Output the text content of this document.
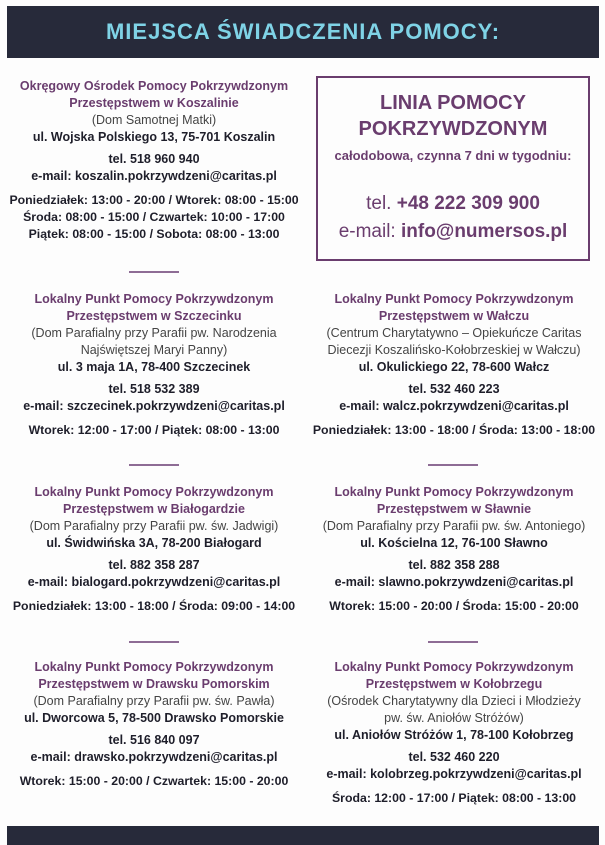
MIEJSCA ŚWIADCZENIA POMOCY:

Okręgowy Ośrodek Pomocy Pokrzywdzonym

Przestępstwem w Koszalinie

(Dom Samotnej Matki)

ul. Wojska Polskiego 13, 75-701 Koszalin

tel. 518 960 940

e-mail: koszalin.pokrzywdzeni@caritas.pl

Poniedziałek: 13:00 - 20:00 / Wtorek: 08:00 - 15:00

Środa: 08:00 - 15:00 / Czwartek: 10:00 - 17:00

Piątek: 08:00 - 15:00 / Sobota: 08:00 - 13:00

LINIA POMOCY
POKRZYWDZONYM
całodobowa, czynna 7 dni w tygodniu:
tel. +48 222 309 900
e-mail: info@numersos.pl

Lokalny Punkt Pomocy Pokrzywdzonym

Przestępstwem w Szczecinku

(Dom Parafialny przy Parafii pw. Narodzenia

Najświętszej Maryi Panny)

ul. 3 maja 1A, 78-400 Szczecinek

tel. 518 532 389

e-mail: szczecinek.pokrzywdzeni@caritas.pl

Wtorek: 12:00 - 17:00 / Piątek: 08:00 - 13:00

Lokalny Punkt Pomocy Pokrzywdzonym

Przestępstwem w Wałczu

(Centrum Charytatywno – Opiekuńcze Caritas

Diecezji Koszalińsko-Kołobrzeskiej w Wałczu)

ul. Okulickiego 22, 78-600 Wałcz

tel. 532 460 223

e-mail: walcz.pokrzywdzeni@caritas.pl

Poniedziałek: 13:00 - 18:00 / Środa: 13:00 - 18:00

Lokalny Punkt Pomocy Pokrzywdzonym

Przestępstwem w Białogardzie

(Dom Parafialny przy Parafii pw. św. Jadwigi)

ul. Świdwińska 3A, 78-200 Białogard

tel. 882 358 287

e-mail: bialogard.pokrzywdzeni@caritas.pl

Poniedziałek: 13:00 - 18:00 / Środa: 09:00 - 14:00

Lokalny Punkt Pomocy Pokrzywdzonym

Przestępstwem w Sławnie

(Dom Parafialny przy Parafii pw. św. Antoniego)

ul. Kościelna 12, 76-100 Sławno

tel. 882 358 288

e-mail: slawno.pokrzywdzeni@caritas.pl

Wtorek: 15:00 - 20:00 / Środa: 15:00 - 20:00

Lokalny Punkt Pomocy Pokrzywdzonym

Przestępstwem w Drawsku Pomorskim

(Dom Parafialny przy Parafii pw. św. Pawła)

ul. Dworcowa 5, 78-500 Drawsko Pomorskie

tel. 516 840 097

e-mail: drawsko.pokrzywdzeni@caritas.pl

Wtorek: 15:00 - 20:00 / Czwartek: 15:00 - 20:00

Lokalny Punkt Pomocy Pokrzywdzonym

Przestępstwem w Kołobrzegu

(Ośrodek Charytatywny dla Dzieci i Młodzieży

pw. św. Aniołów Stróżów)

ul. Aniołów Stróżów 1, 78-100 Kołobrzeg

tel. 532 460 220

e-mail: kolobrzeg.pokrzywdzeni@caritas.pl

Środa: 12:00 - 17:00 / Piątek: 08:00 - 13:00
